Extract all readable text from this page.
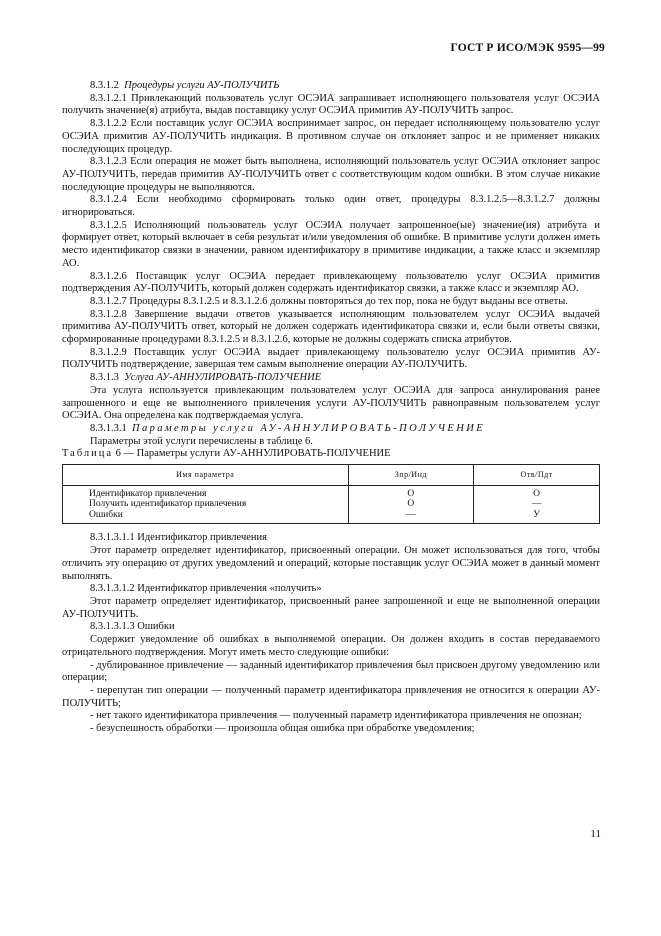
ГОСТ Р ИСО/МЭК 9595—99

8.3.1.2 Процедуры услуги АУ-ПОЛУЧИТЬ

8.3.1.2.1 Привлекающий пользователь услуг ОСЭИА запрашивает исполняющего пользователя услуг ОСЭИА получить значение(я) атрибута, выдав поставщику услуг ОСЭИА примитив АУ-ПОЛУЧИТЬ запрос.

8.3.1.2.2 Если поставщик услуг ОСЭИА воспринимает запрос, он передает исполняющему пользователю услуг ОСЭИА примитив АУ-ПОЛУЧИТЬ индикация. В противном случае он отклоняет запрос и не применяет никаких последующих процедур.

8.3.1.2.3 Если операция не может быть выполнена, исполняющий пользователь услуг ОСЭИА отклоняет запрос АУ-ПОЛУЧИТЬ, передав примитив АУ-ПОЛУЧИТЬ ответ с соответствующим кодом ошибки. В этом случае никакие последующие процедуры не выполняются.

8.3.1.2.4 Если необходимо сформировать только один ответ, процедуры 8.3.1.2.5—8.3.1.2.7 должны игнорироваться.

8.3.1.2.5 Исполняющий пользователь услуг ОСЭИА получает запрошенное(ые) значение(ия) атрибута и формирует ответ, который включает в себя результат и/или уведомления об ошибке. В примитиве услуги должен иметь место идентификатор связки в значении, равном идентификатору в примитиве индикации, а также класс и экземпляр АО.

8.3.1.2.6 Поставщик услуг ОСЭИА передает привлекающему пользователю услуг ОСЭИА примитив подтверждения АУ-ПОЛУЧИТЬ, который должен содержать идентификатор связки, а также класс и экземпляр АО.

8.3.1.2.7 Процедуры 8.3.1.2.5 и 8.3.1.2.6 должны повторяться до тех пор, пока не будут выданы все ответы.

8.3.1.2.8 Завершение выдачи ответов указывается исполняющим пользователем услуг ОСЭИА выдачей примитива АУ-ПОЛУЧИТЬ ответ, который не должен содержать идентификатора связки и, если были ответы связки, сформированные процедурами 8.3.1.2.5 и 8.3.1.2.6, которые не должны содержать списка атрибутов.

8.3.1.2.9 Поставщик услуг ОСЭИА выдает привлекающему пользователю услуг ОСЭИА примитив АУ-ПОЛУЧИТЬ подтверждение, завершая тем самым выполнение операции АУ-ПОЛУЧИТЬ.

8.3.1.3 Услуга АУ-АННУЛИРОВАТЬ-ПОЛУЧЕНИЕ

Эта услуга используется привлекающим пользователем услуг ОСЭИА для запроса аннулирования ранее запрошенного и еще не выполненного привлечения услуги АУ-ПОЛУЧИТЬ равноправным пользователем услуг ОСЭИА. Она определена как подтверждаемая услуга.

8.3.1.3.1 Параметры услуги АУ-АННУЛИРОВАТЬ-ПОЛУЧЕНИЕ

Параметры этой услуги перечислены в таблице 6.

Таблица 6 — Параметры услуги АУ-АННУЛИРОВАТЬ-ПОЛУЧЕНИЕ

Имя параметра	Зпр/Инд	Отв/Пдт
Идентификатор привлечения	О	О
Получить идентификатор привлечения	О	—
Ошибки	—	У

8.3.1.3.1.1 Идентификатор привлечения

Этот параметр определяет идентификатор, присвоенный операции. Он может использоваться для того, чтобы отличить эту операцию от других уведомлений и операций, которые поставщик услуг ОСЭИА может в данный момент выполнять.

8.3.1.3.1.2 Идентификатор привлечения «получить»

Этот параметр определяет идентификатор, присвоенный ранее запрошенной и еще не выполненной операции АУ-ПОЛУЧИТЬ.

8.3.1.3.1.3 Ошибки

Содержит уведомление об ошибках в выполняемой операции. Он должен входить в состав передаваемого отрицательного подтверждения. Могут иметь место следующие ошибки:

- дублированное привлечение — заданный идентификатор привлечения был присвоен другому уведомлению или операции;

- перепутан тип операции — полученный параметр идентификатора привлечения не относится к операции АУ-ПОЛУЧИТЬ;

- нет такого идентификатора привлечения — полученный параметр идентификатора привлечения не опознан;

- безуспешность обработки — произошла общая ошибка при обработке уведомления;

11
